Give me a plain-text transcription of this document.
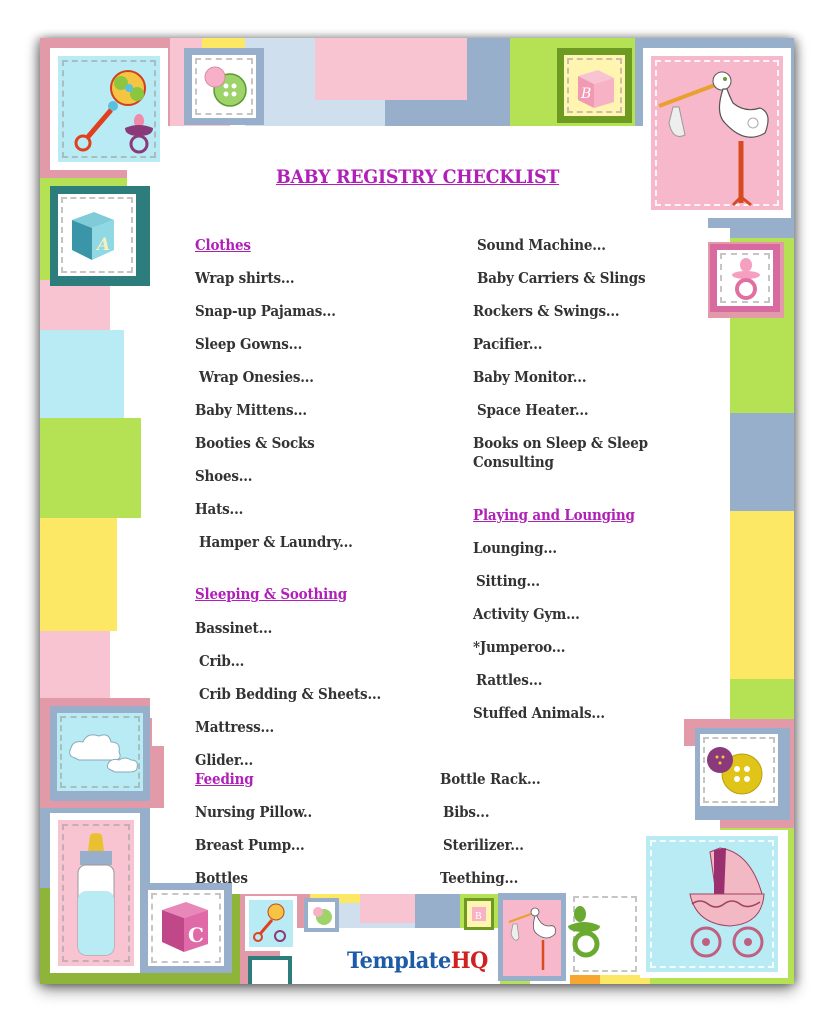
B
A
C
B
BABY REGISTRY CHECKLIST
Clothes
Wrap shirts...
Snap-up Pajamas...
Sleep Gowns...
Wrap Onesies...
Baby Mittens...
Booties & Socks
Shoes...
Hats...
Hamper & Laundry...
Sleeping & Soothing
Bassinet...
Crib...
Crib Bedding & Sheets...
Mattress...
Glider...
Sound Machine...
Baby Carriers & Slings
Rockers & Swings...
Pacifier...
Baby Monitor...
Space Heater...
Books on Sleep & Sleep
Consulting
Playing and Lounging
Lounging...
Sitting...
Activity Gym...
*Jumperoo...
Rattles...
Stuffed Animals...
Feeding
Nursing Pillow..
Breast Pump...
Bottles
Bottle Rack...
Bibs...
Sterilizer...
Teething...
TemplateHQ
